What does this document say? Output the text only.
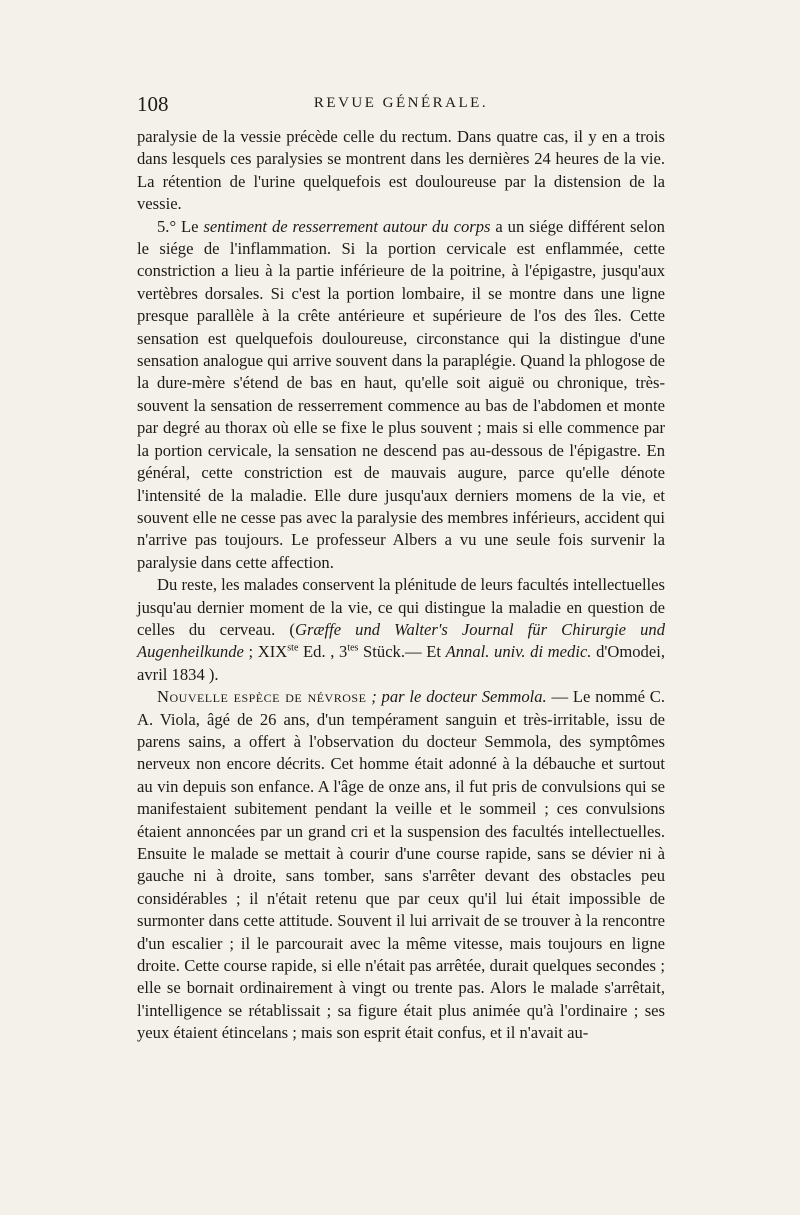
108	REVUE GÉNÉRALE.

paralysie de la vessie précède celle du rectum. Dans quatre cas, il y en a trois dans lesquels ces paralysies se montrent dans les dernières 24 heures de la vie. La rétention de l'urine quelquefois est douloureuse par la distension de la vessie.

5.° Le sentiment de resserrement autour du corps a un siége différent selon le siége de l'inflammation. Si la portion cervicale est enflammée, cette constriction a lieu à la partie inférieure de la poitrine, à l'épigastre, jusqu'aux vertèbres dorsales. Si c'est la portion lombaire, il se montre dans une ligne presque parallèle à la crête antérieure et supérieure de l'os des îles. Cette sensation est quelquefois douloureuse, circonstance qui la distingue d'une sensation analogue qui arrive souvent dans la paraplégie. Quand la phlogose de la dure-mère s'étend de bas en haut, qu'elle soit aiguë ou chronique, très-souvent la sensation de resserrement commence au bas de l'abdomen et monte par degré au thorax où elle se fixe le plus souvent ; mais si elle commence par la portion cervicale, la sensation ne descend pas au-dessous de l'épigastre. En général, cette constriction est de mauvais augure, parce qu'elle dénote l'intensité de la maladie. Elle dure jusqu'aux derniers momens de la vie, et souvent elle ne cesse pas avec la paralysie des membres inférieurs, accident qui n'arrive pas toujours. Le professeur Albers a vu une seule fois survenir la paralysie dans cette affection.

Du reste, les malades conservent la plénitude de leurs facultés intellectuelles jusqu'au dernier moment de la vie, ce qui distingue la maladie en question de celles du cerveau. (Græffe und Walter's Journal für Chirurgie und Augenheilkunde ; XIXste Ed. , $3^{tes}$ Stück.— Et Annal. univ. di medic. d'Omodei, avril 1834 ).

Nouvelle espèce de névrose ; par le docteur Semmola. — Le nommé C. A. Viola, âgé de 26 ans, d'un tempérament sanguin et très-irritable, issu de parens sains, a offert à l'observation du docteur Semmola, des symptômes nerveux non encore décrits. Cet homme était adonné à la débauche et surtout au vin depuis son enfance. A l'âge de onze ans, il fut pris de convulsions qui se manifestaient subitement pendant la veille et le sommeil ; ces convulsions étaient annoncées par un grand cri et la suspension des facultés intellectuelles. Ensuite le malade se mettait à courir d'une course rapide, sans se dévier ni à gauche ni à droite, sans tomber, sans s'arrêter devant des obstacles peu considérables ; il n'était retenu que par ceux qu'il lui était impossible de surmonter dans cette attitude. Souvent il lui arrivait de se trouver à la rencontre d'un escalier ; il le parcourait avec la même vitesse, mais toujours en ligne droite. Cette course rapide, si elle n'était pas arrêtée, durait quelques secondes ; elle se bornait ordinairement à vingt ou trente pas. Alors le malade s'arrêtait, l'intelligence se rétablissait ; sa figure était plus animée qu'à l'ordinaire ; ses yeux étaient étincelans ; mais son esprit était confus, et il n'avait au-
